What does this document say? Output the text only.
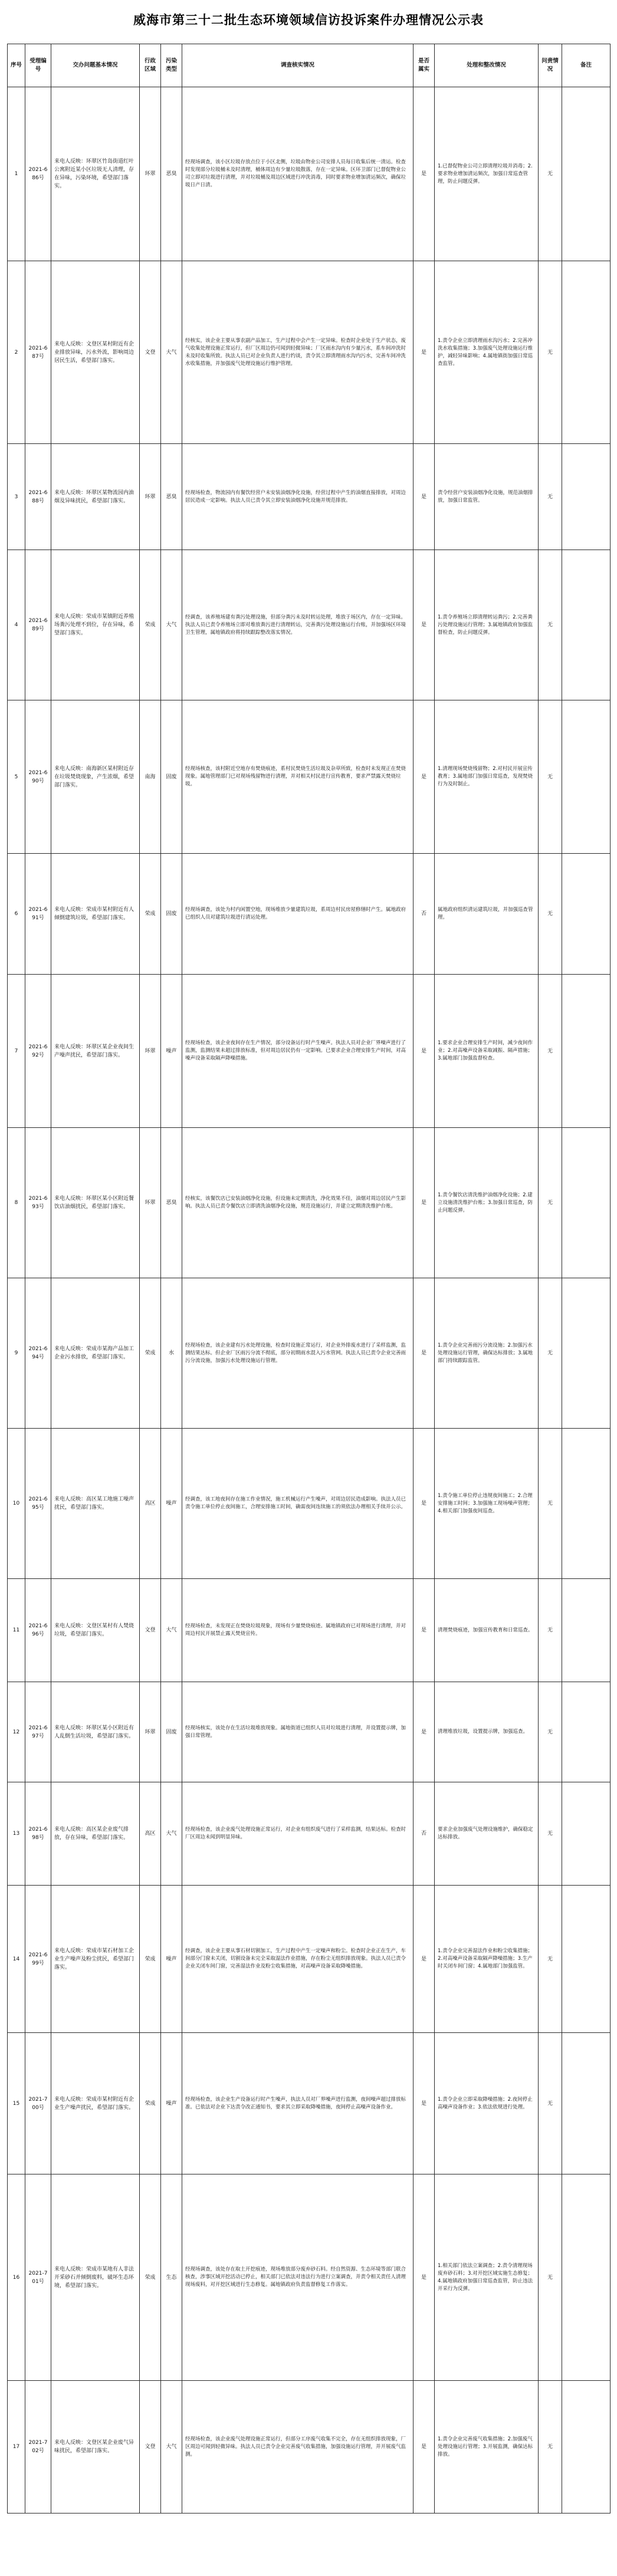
威海市第三十二批生态环境领域信访投诉案件办理情况公示表
序号	受理编号	交办问题基本情况	行政区域	污染类型	调查核实情况	是否属实	处理和整改情况	问责情况	备注
1	2021-686号	来电人反映：环翠区竹岛街道红叶公寓附近某小区垃圾无人清理，存在异味，污染环境，希望部门落实。	环翠	恶臭	经现场调查，该小区垃圾存放点位于小区北侧，垃圾由物业公司安排人员每日收集后统一清运。检查时发现部分垃圾桶未及时清理，桶体周边有少量垃圾散落，存在一定异味。区环卫部门已督促物业公司立即对垃圾进行清理，并对垃圾桶及周边区域进行冲洗消毒，同时要求物业增加清运频次，确保垃圾日产日清。	是	1.已督促物业公司立即清理垃圾并消毒；2.要求物业增加清运频次，加强日常巡查管理，防止问题反弹。	无	
2	2021-687号	来电人反映：文登区某村附近有企业排放异味，污水外流，影响周边居民生活，希望部门落实。	文登	大气	经核实，该企业主要从事农副产品加工，生产过程中会产生一定异味。检查时企业处于生产状态，废气收集处理设施正常运行，但厂区周边仍可闻到轻微异味；厂区雨水沟内有少量污水，系车间冲洗时未及时收集所致。执法人员已对企业负责人进行约谈，责令其立即清理雨水沟内污水，完善车间冲洗水收集措施，并加强废气处理设施运行维护管理。	是	1.责令企业立即清理雨水沟污水；2.完善冲洗水收集措施；3.加强废气处理设施运行维护，减轻异味影响；4.属地镇街加强日常巡查监管。	无	
3	2021-688号	来电人反映：环翠区某物流园内油烟及异味扰民，希望部门落实。	环翠	恶臭	经现场检查，物流园内有餐饮经营户未安装油烟净化设施，经营过程中产生的油烟直接排放，对周边居民造成一定影响。执法人员已责令其立即安装油烟净化设施并规范排放。	是	责令经营户安装油烟净化设施，规范油烟排放，加强日常监管。	无	
4	2021-689号	来电人反映：荣成市某镇附近养殖场粪污处理不到位，存在异味，希望部门落实。	荣成	大气	经调查，该养殖场建有粪污处理设施，但部分粪污未及时转运处理，堆放于场区内，存在一定异味。执法人员已责令养殖场立即对堆放粪污进行清理转运，完善粪污处理设施运行台账，并加强场区环境卫生管理，属地镇政府将持续跟踪整改落实情况。	是	1.责令养殖场立即清理转运粪污；2.完善粪污处理设施运行管理；3.属地镇政府加强监督检查，防止问题反弹。	无	
5	2021-690号	来电人反映：南海新区某村附近存在垃圾焚烧现象，产生浓烟，希望部门落实。	南海	固废	经现场核查，该村附近空地存有焚烧痕迹，系村民焚烧生活垃圾及杂草所致，检查时未发现正在焚烧现象。属地管理部门已对现场残留物进行清理，并对相关村民进行宣传教育，要求严禁露天焚烧垃圾。	是	1.清理现场焚烧残留物；2.对村民开展宣传教育；3.属地部门加强日常巡查，发现焚烧行为及时制止。	无	
6	2021-691号	来电人反映：荣成市某村附近有人倾倒建筑垃圾，希望部门落实。	荣成	固废	经现场调查，该处为村内闲置空地，现场堆放少量建筑垃圾，系周边村民房屋修缮时产生。属地政府已组织人员对建筑垃圾进行清运处理。	否	属地政府组织清运建筑垃圾，并加强巡查管理。	无	
7	2021-692号	来电人反映：环翠区某企业夜间生产噪声扰民，希望部门落实。	环翠	噪声	经现场检查，该企业夜间存在生产情况，部分设备运行时产生噪声。执法人员对企业厂界噪声进行了监测，监测结果未超过排放标准，但对周边居民仍有一定影响。已要求企业合理安排生产时间，对高噪声设备采取隔声降噪措施。	是	1.要求企业合理安排生产时间，减少夜间作业；2.对高噪声设备采取减振、隔声措施；3.属地部门加强监督检查。	无	
8	2021-693号	来电人反映：环翠区某小区附近餐饮店油烟扰民，希望部门落实。	环翠	恶臭	经核实，该餐饮店已安装油烟净化设施，但设施未定期清洗，净化效果不佳，油烟对周边居民产生影响。执法人员已责令餐饮店立即清洗油烟净化设施，规范设施运行，并建立定期清洗维护台账。	是	1.责令餐饮店清洗维护油烟净化设施；2.建立设施清洗维护台账；3.加强日常巡查，防止问题反弹。	无	
9	2021-694号	来电人反映：荣成市某海产品加工企业污水排放，希望部门落实。	荣成	水	经现场检查，该企业建有污水处理设施，检查时设施正常运行，对企业外排废水进行了采样监测，监测结果达标。但企业厂区雨污分流不彻底，部分初期雨水混入污水管网。执法人员已责令企业完善雨污分流设施，加强污水处理设施运行管理。	是	1.责令企业完善雨污分流设施；2.加强污水处理设施运行管理，确保达标排放；3.属地部门持续跟踪监管。	无	
10	2021-695号	来电人反映：高区某工地施工噪声扰民，希望部门落实。	高区	噪声	经调查，该工地夜间存在施工作业情况，施工机械运行产生噪声，对周边居民造成影响。执法人员已责令施工单位停止夜间施工，合理安排施工时间，确需夜间连续施工的须依法办理相关手续并公示。	是	1.责令施工单位停止违规夜间施工；2.合理安排施工时间；3.加强施工现场噪声管理；4.相关部门加强夜间巡查。	无	
11	2021-696号	来电人反映：文登区某村有人焚烧垃圾，希望部门落实。	文登	大气	经现场检查，未发现正在焚烧垃圾现象，现场有少量焚烧痕迹。属地镇政府已对现场进行清理，并对周边村民开展禁止露天焚烧宣传。	是	清理焚烧痕迹，加强宣传教育和日常巡查。	无	
12	2021-697号	来电人反映：环翠区某小区附近有人乱倒生活垃圾，希望部门落实。	环翠	固废	经现场核实，该处存在生活垃圾堆放现象。属地街道已组织人员对垃圾进行清理，并设置提示牌，加强日常管理。	是	清理堆放垃圾，设置提示牌，加强巡查。	无	
13	2021-698号	来电人反映：高区某企业废气排放，存在异味，希望部门落实。	高区	大气	经现场检查，该企业废气处理设施正常运行，对企业有组织废气进行了采样监测，结果达标。检查时厂区周边未闻到明显异味。	否	要求企业加强废气处理设施维护，确保稳定达标排放。	无	
14	2021-699号	来电人反映：荣成市某石材加工企业生产噪声及粉尘扰民，希望部门落实。	荣成	噪声	经调查，该企业主要从事石材切割加工，生产过程中产生一定噪声和粉尘。检查时企业正在生产，车间部分门窗未关闭，切割设备未完全采取湿法作业措施，存在粉尘无组织排放现象。执法人员已责令企业关闭车间门窗，完善湿法作业及粉尘收集措施，对高噪声设备采取降噪措施。	是	1.责令企业完善湿法作业和粉尘收集措施；2.对高噪声设备采取隔声降噪措施；3.生产时关闭车间门窗；4.属地部门加强监管。	无	
15	2021-700号	来电人反映：荣成市某村附近有企业生产噪声扰民，希望部门落实。	荣成	噪声	经现场检查，该企业生产设备运行时产生噪声，执法人员对厂界噪声进行监测，夜间噪声超过排放标准。已依法对企业下达责令改正通知书，要求其立即采取降噪措施，夜间停止高噪声设备作业。	是	1.责令企业立即采取降噪措施；2.夜间停止高噪声设备作业；3.依法依规进行处理。	无	
16	2021-701号	来电人反映：荣成市某地有人非法开采砂石并倾倒废料，破坏生态环境，希望部门落实。	荣成	生态	经现场调查，该处存在取土开挖痕迹，现场堆放部分废弃砂石料。经自然资源、生态环境等部门联合核查，涉事区域开挖活动已停止，相关部门已依法对违法行为进行立案调查，并责令相关责任人清理现场废料，对开挖区域进行生态修复。属地镇政府负责监督修复工作落实。	是	1.相关部门依法立案调查；2.责令清理现场废弃砂石料；3.对开挖区域实施生态修复；4.属地镇政府加强日常巡查监管，防止违法开采行为反弹。	无	
17	2021-702号	来电人反映：文登区某企业废气异味扰民，希望部门落实。	文登	大气	经现场检查，该企业废气处理设施正常运行，但部分工序废气收集不完全，存在无组织排放现象，厂区周边可闻到轻微异味。执法人员已责令企业完善废气收集措施，加强设施运行管理，并开展废气监测。	是	1.责令企业完善废气收集措施；2.加强废气处理设施运行管理；3.开展监测，确保达标排放。	无	
